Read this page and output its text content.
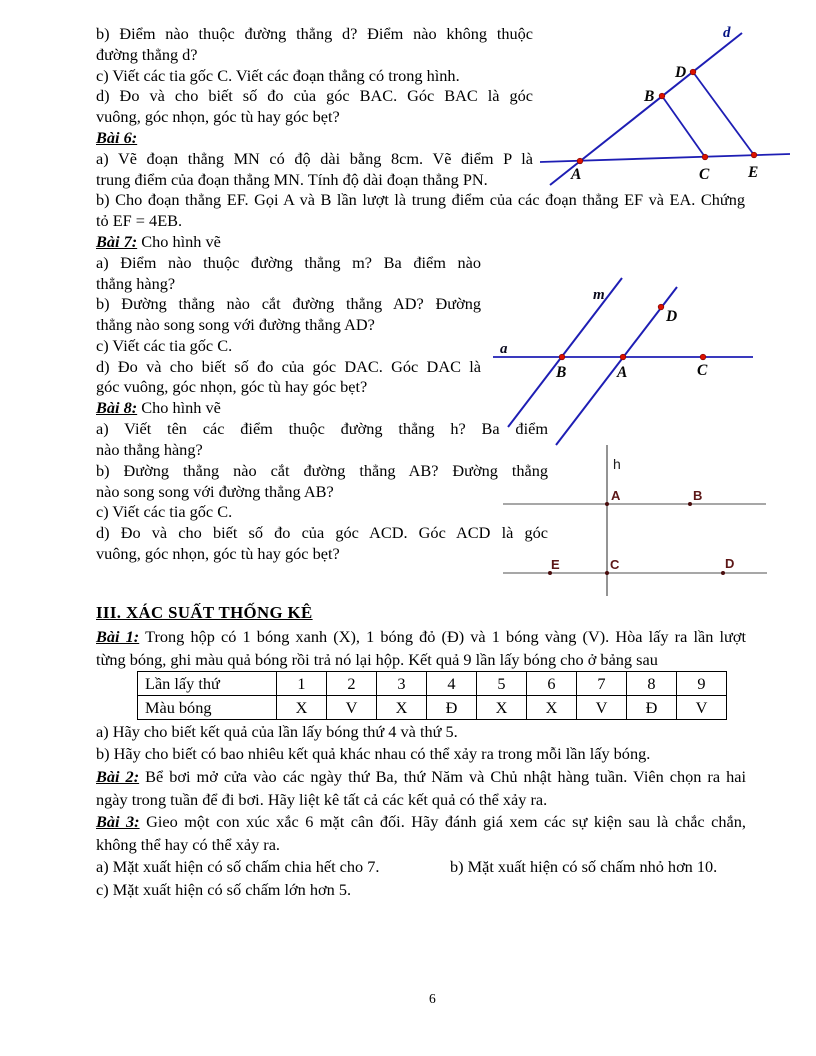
b) Điểm nào thuộc đường thẳng d? Điểm nào không thuộc
đường thẳng d?
c) Viết các tia gốc C. Viết các đoạn thẳng có trong hình.
d) Đo và cho biết số đo của góc BAC. Góc BAC là góc
vuông, góc nhọn, góc tù hay góc bẹt?
Bài 6:
a) Vẽ đoạn thẳng MN có độ dài bằng 8cm. Vẽ điểm P là
trung điểm của đoạn thẳng MN. Tính độ dài đoạn thẳng PN.
b) Cho đoạn thẳng EF. Gọi A và B lần lượt là trung điểm của các đoạn thẳng EF và EA. Chứng
tỏ EF = 4EB.
Bài 7: Cho hình vẽ
a) Điểm nào thuộc đường thẳng m? Ba điểm nào
thẳng hàng?
b) Đường thẳng nào cắt đường thẳng AD? Đường
thẳng nào song song với đường thẳng AD?
c) Viết các tia gốc C.
d) Đo và cho biết số đo của góc DAC. Góc DAC là
góc vuông, góc nhọn, góc tù hay góc bẹt?
Bài 8: Cho hình vẽ
a) Viết tên các điểm thuộc đường thẳng h? Ba điểm
nào thẳng hàng?
b) Đường thẳng nào cắt đường thẳng AB? Đường thẳng
nào song song với đường thẳng AB?
c) Viết các tia gốc C.
d) Đo và cho biết số đo của góc ACD. Góc ACD là góc
vuông, góc nhọn, góc tù hay góc bẹt?
III. XÁC SUẤT THỐNG KÊ
Bài 1: Trong hộp có 1 bóng xanh (X), 1 bóng đỏ (Đ) và 1 bóng vàng (V). Hòa lấy ra lần lượt
từng bóng, ghi màu quả bóng rồi trả nó lại hộp. Kết quả 9 lần lấy bóng cho ở bảng sau
Lần lấy thứ	1	2	3	4	5	6	7	8	9
Màu bóng	X	V	X	Đ	X	X	V	Đ	V
a) Hãy cho biết kết quả của lần lấy bóng thứ 4 và thứ 5.
b) Hãy cho biết có bao nhiêu kết quả khác nhau có thể xảy ra trong mỗi lần lấy bóng.
Bài 2: Bể bơi mở cửa vào các ngày thứ Ba, thứ Năm và Chủ nhật hàng tuần. Viên chọn ra hai
ngày trong tuần để đi bơi. Hãy liệt kê tất cả các kết quả có thể xảy ra.
Bài 3: Gieo một con xúc xắc 6 mặt cân đối. Hãy đánh giá xem các sự kiện sau là chắc chắn,
không thể hay có thể xảy ra.
a) Mặt xuất hiện có số chấm chia hết cho 7.	b) Mặt xuất hiện có số chấm nhỏ hơn 10.
c) Mặt xuất hiện có số chấm lớn hơn 5.
6
d
A
B
D
C E
m
a
B	A	C
D
h
A	B
E	C	D
